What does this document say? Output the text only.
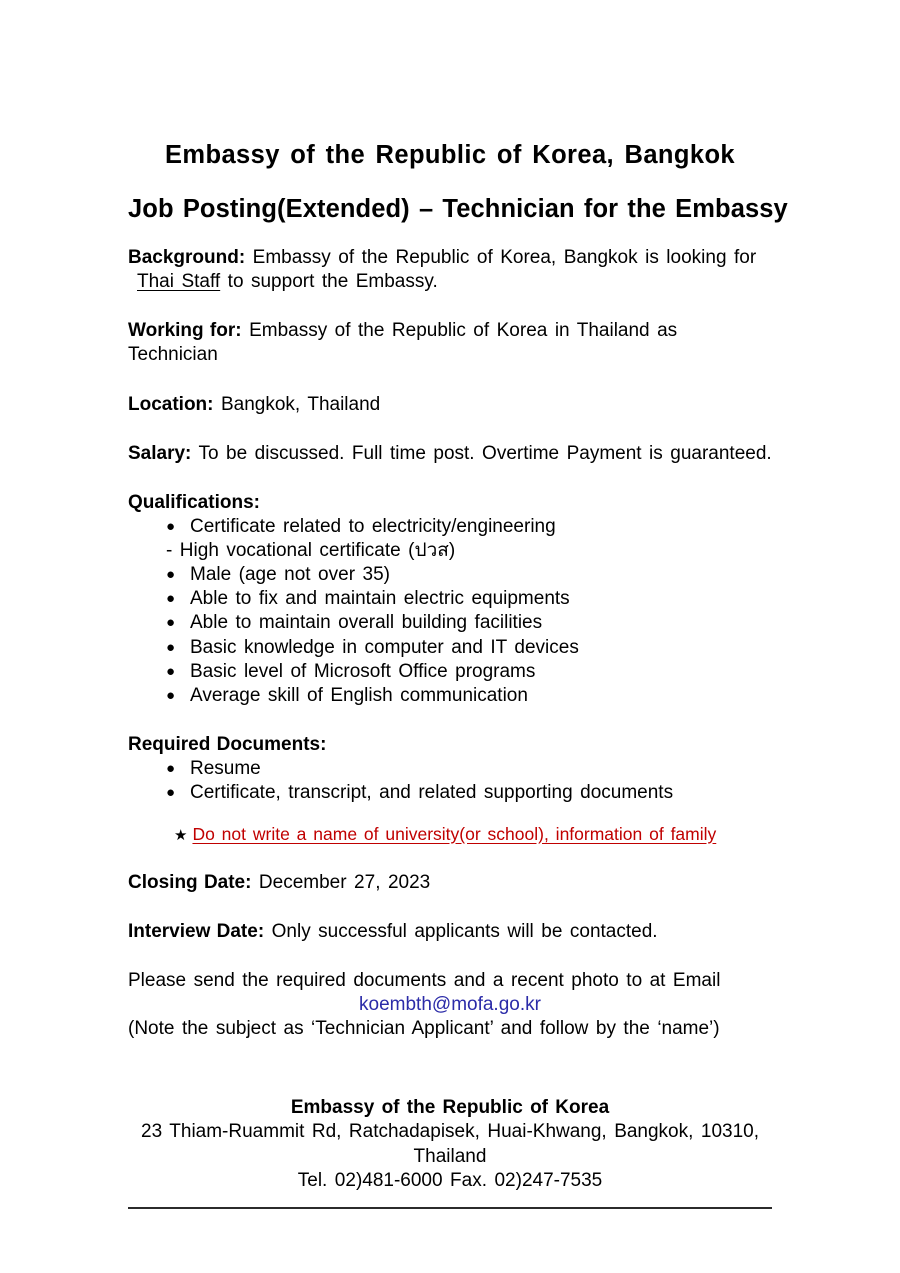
Embassy of the Republic of Korea, Bangkok
Job Posting(Extended) – Technician for the Embassy

Background: Embassy of the Republic of Korea, Bangkok is looking for
Thai Staff to support the Embassy.

Working for: Embassy of the Republic of Korea in Thailand as Technician

Location: Bangkok, Thailand

Salary: To be discussed. Full time post. Overtime Payment is guaranteed.

Qualifications:

● Certificate related to electricity/engineering
- High vocational certificate (ปวส)
● Male (age not over 35)
● Able to fix and maintain electric equipments
● Able to maintain overall building facilities
● Basic knowledge in computer and IT devices
● Basic level of Microsoft Office programs
● Average skill of English communication

Required Documents:

● Resume
● Certificate, transcript, and related supporting documents

★ Do not write a name of university(or school), information of family

Closing Date: December 27, 2023

Interview Date: Only successful applicants will be contacted.

Please send the required documents and a recent photo to at Email

koembth@mofa.go.kr
(Note the subject as ‘Technician Applicant’ and follow by the ‘name’)

Embassy of the Republic of Korea
23 Thiam-Ruammit Rd, Ratchadapisek, Huai-Khwang, Bangkok, 10310,
Thailand
Tel. 02)481-6000 Fax. 02)247-7535
